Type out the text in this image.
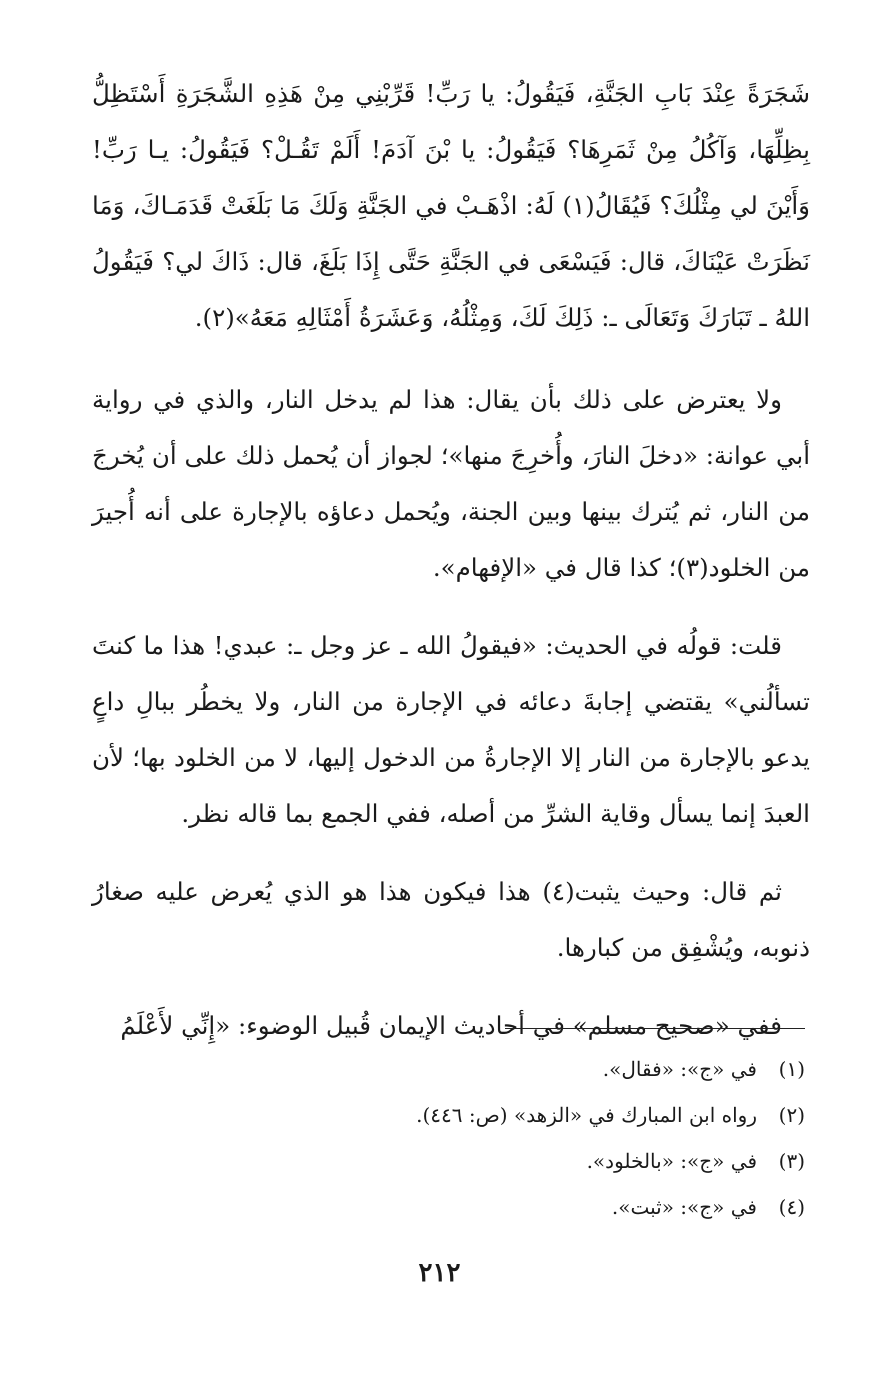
شَجَرَةً عِنْدَ بَابِ الجَنَّةِ، فَيَقُولُ: يا رَبِّ! قَرِّبْنِي مِنْ هَذِهِ الشَّجَرَةِ أَسْتَظِلُّ بِظِلِّهَا، وَآكُلُ مِنْ ثَمَرِهَا؟ فَيَقُولُ: يا بْنَ آدَمَ! أَلَمْ تَقُـلْ؟ فَيَقُولُ: يـا رَبِّ! وَأَيْنَ لي مِثْلُكَ؟ فَيُقَالُ(١) لَهُ: اذْهَـبْ في الجَنَّةِ وَلَكَ مَا بَلَغَتْ قَدَمَـاكَ، وَمَا نَظَرَتْ عَيْنَاكَ، قال: فَيَسْعَى في الجَنَّةِ حَتَّى إِذَا بَلَغَ، قال: ذَاكَ لي؟ فَيَقُولُ اللهُ ـ تَبَارَكَ وَتَعَالَى ـ: ذَلِكَ لَكَ، وَمِثْلُهُ، وَعَشَرَةُ أَمْثَالِهِ مَعَهُ»(٢).

ولا يعترض على ذلك بأن يقال: هذا لم يدخل النار، والذي في رواية أبي عوانة: «دخلَ النارَ، وأُخرِجَ منها»؛ لجواز أن يُحمل ذلك على أن يُخرجَ من النار، ثم يُترك بينها وبين الجنة، ويُحمل دعاؤه بالإجارة على أنه أُجيرَ من الخلود(٣)؛ كذا قال في «الإفهام».

قلت: قولُه في الحديث: «فيقولُ الله ـ عز وجل ـ: عبدي! هذا ما كنتَ تسألُني» يقتضي إجابةَ دعائه في الإجارة من النار، ولا يخطُر ببالِ داعٍ يدعو بالإجارة من النار إلا الإجارةُ من الدخول إليها، لا من الخلود بها؛ لأن العبدَ إنما يسأل وقاية الشرِّ من أصله، ففي الجمع بما قاله نظر.

ثم قال: وحيث يثبت(٤) هذا فيكون هذا هو الذي يُعرض عليه صغارُ ذنوبه، ويُشْفِق من كبارها.

ففي «صحيح مسلم» في أحاديث الإيمان قُبيل الوضوء: «إِنِّي لأَعْلَمُ

(١)في «ج»: «فقال».
(٢)رواه ابن المبارك في «الزهد» (ص: ٤٤٦).
(٣)في «ج»: «بالخلود».
(٤)في «ج»: «ثبت».
٢١٢
